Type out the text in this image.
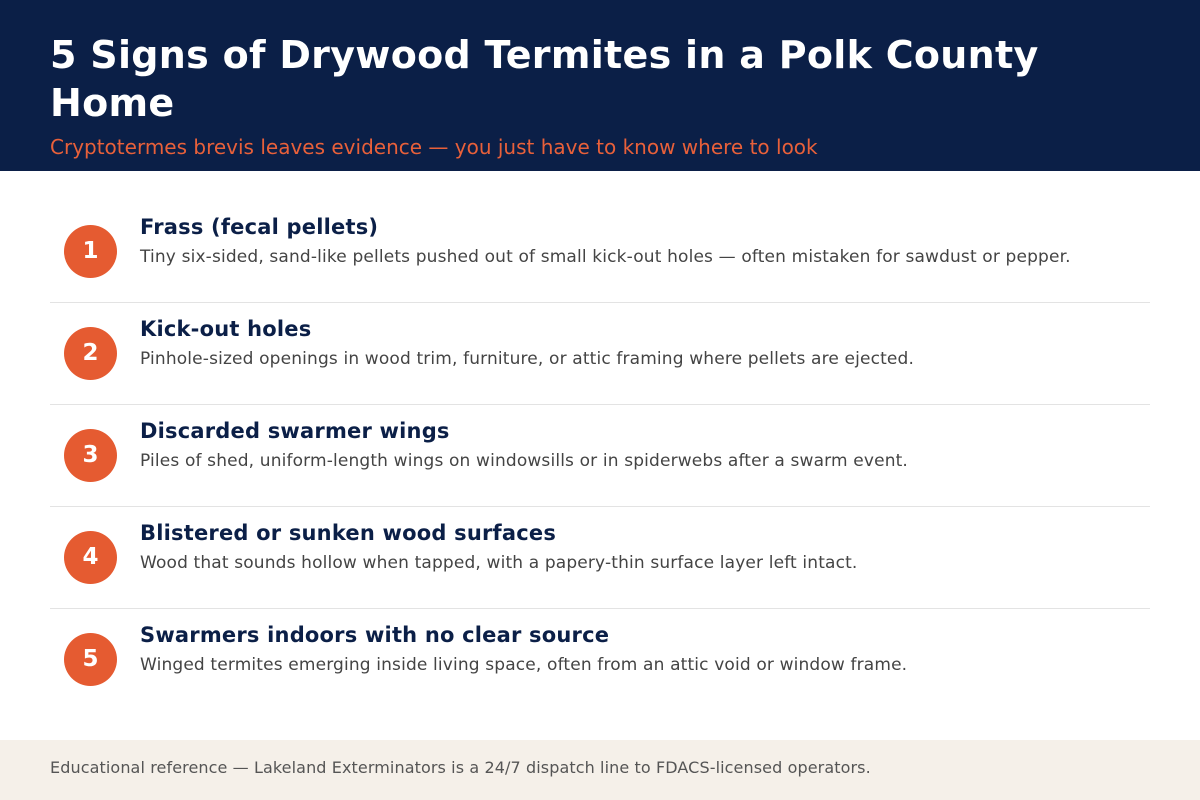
5 Signs of Drywood Termites in a Polk County Home

Cryptotermes brevis leaves evidence — you just have to know where to look

1
Frass (fecal pellets)

Tiny six-sided, sand-like pellets pushed out of small kick-out holes — often mistaken for sawdust or pepper.

2
Kick-out holes

Pinhole-sized openings in wood trim, furniture, or attic framing where pellets are ejected.

3
Discarded swarmer wings

Piles of shed, uniform-length wings on windowsills or in spiderwebs after a swarm event.

4
Blistered or sunken wood surfaces

Wood that sounds hollow when tapped, with a papery-thin surface layer left intact.

5
Swarmers indoors with no clear source

Winged termites emerging inside living space, often from an attic void or window frame.

Educational reference — Lakeland Exterminators is a 24/7 dispatch line to FDACS-licensed operators.
